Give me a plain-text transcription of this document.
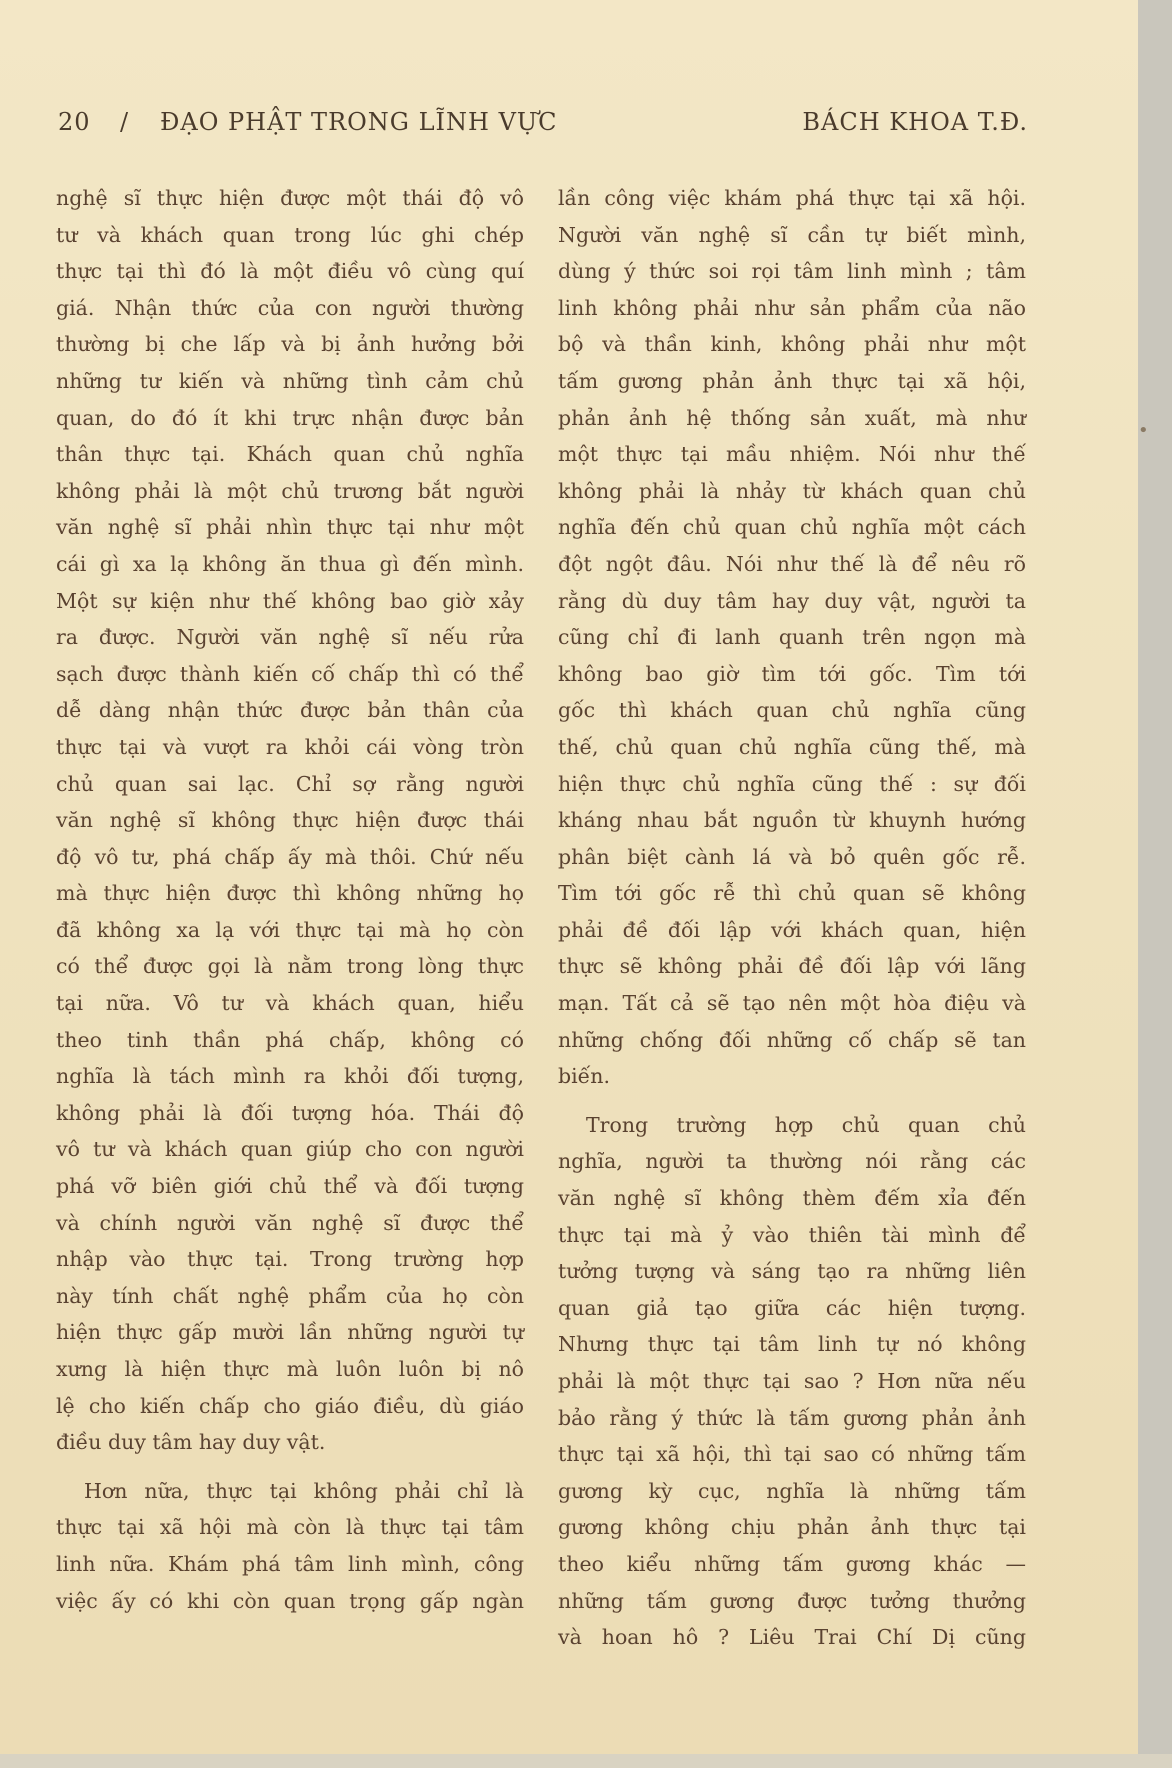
20 / ĐẠO PHẬT TRONG LĨNH VỰC	BÁCH KHOA T.Đ.
nghệ sĩ thực hiện được một thái độ vô
tư và khách quan trong lúc ghi chép
thực tại thì đó là một điều vô cùng quí
giá. Nhận thức của con người thường
thường bị che lấp và bị ảnh hưởng bởi
những tư kiến và những tình cảm chủ
quan, do đó ít khi trực nhận được bản
thân thực tại. Khách quan chủ nghĩa
không phải là một chủ trương bắt người
văn nghệ sĩ phải nhìn thực tại như một
cái gì xa lạ không ăn thua gì đến mình.
Một sự kiện như thế không bao giờ xảy
ra được. Người văn nghệ sĩ nếu rửa
sạch được thành kiến cố chấp thì có thể
dễ dàng nhận thức được bản thân của
thực tại và vượt ra khỏi cái vòng tròn
chủ quan sai lạc. Chỉ sợ rằng người
văn nghệ sĩ không thực hiện được thái
độ vô tư, phá chấp ấy mà thôi. Chứ nếu
mà thực hiện được thì không những họ
đã không xa lạ với thực tại mà họ còn
có thể được gọi là nằm trong lòng thực
tại nữa. Vô tư và khách quan, hiểu
theo tinh thần phá chấp, không có
nghĩa là tách mình ra khỏi đối tượng,
không phải là đối tượng hóa. Thái độ
vô tư và khách quan giúp cho con người
phá vỡ biên giới chủ thể và đối tượng
và chính người văn nghệ sĩ được thể
nhập vào thực tại. Trong trường hợp
này tính chất nghệ phẩm của họ còn
hiện thực gấp mười lần những người tự
xưng là hiện thực mà luôn luôn bị nô
lệ cho kiến chấp cho giáo điều, dù giáo
điều duy tâm hay duy vật.
Hơn nữa, thực tại không phải chỉ là
thực tại xã hội mà còn là thực tại tâm
linh nữa. Khám phá tâm linh mình, công
việc ấy có khi còn quan trọng gấp ngàn
lần công việc khám phá thực tại xã hội.
Người văn nghệ sĩ cần tự biết mình,
dùng ý thức soi rọi tâm linh mình ; tâm
linh không phải như sản phẩm của não
bộ và thần kinh, không phải như một
tấm gương phản ảnh thực tại xã hội,
phản ảnh hệ thống sản xuất, mà như
một thực tại mầu nhiệm. Nói như thế
không phải là nhảy từ khách quan chủ
nghĩa đến chủ quan chủ nghĩa một cách
đột ngột đâu. Nói như thế là để nêu rõ
rằng dù duy tâm hay duy vật, người ta
cũng chỉ đi lanh quanh trên ngọn mà
không bao giờ tìm tới gốc. Tìm tới
gốc thì khách quan chủ nghĩa cũng
thế, chủ quan chủ nghĩa cũng thế, mà
hiện thực chủ nghĩa cũng thế : sự đối
kháng nhau bắt nguồn từ khuynh hướng
phân biệt cành lá và bỏ quên gốc rễ.
Tìm tới gốc rễ thì chủ quan sẽ không
phải đề đối lập với khách quan, hiện
thực sẽ không phải đề đối lập với lãng
mạn. Tất cả sẽ tạo nên một hòa điệu và
những chống đối những cố chấp sẽ tan
biến.
Trong trường hợp chủ quan chủ
nghĩa, người ta thường nói rằng các
văn nghệ sĩ không thèm đếm xỉa đến
thực tại mà ỷ vào thiên tài mình để
tưởng tượng và sáng tạo ra những liên
quan giả tạo giữa các hiện tượng.
Nhưng thực tại tâm linh tự nó không
phải là một thực tại sao ? Hơn nữa nếu
bảo rằng ý thức là tấm gương phản ảnh
thực tại xã hội, thì tại sao có những tấm
gương kỳ cục, nghĩa là những tấm
gương không chịu phản ảnh thực tại
theo kiểu những tấm gương khác —
những tấm gương được tưởng thưởng
và hoan hô ? Liêu Trai Chí Dị cũng
•
